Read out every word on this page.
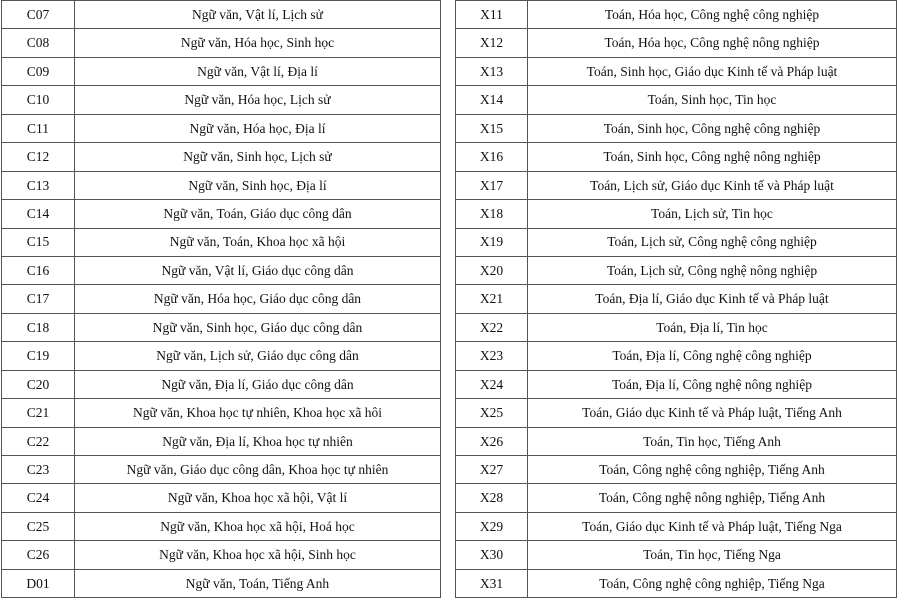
C07	Ngữ văn, Vật lí, Lịch sử
C08	Ngữ văn, Hóa học, Sinh học
C09	Ngữ văn, Vật lí, Địa lí
C10	Ngữ văn, Hóa học, Lịch sử
C11	Ngữ văn, Hóa học, Địa lí
C12	Ngữ văn, Sinh học, Lịch sử
C13	Ngữ văn, Sinh học, Địa lí
C14	Ngữ văn, Toán, Giáo dục công dân
C15	Ngữ văn, Toán, Khoa học xã hội
C16	Ngữ văn, Vật lí, Giáo dục công dân
C17	Ngữ văn, Hóa học, Giáo dục công dân
C18	Ngữ văn, Sinh học, Giáo dục công dân
C19	Ngữ văn, Lịch sử, Giáo dục công dân
C20	Ngữ văn, Địa lí, Giáo dục công dân
C21	Ngữ văn, Khoa học tự nhiên, Khoa học xã hôi
C22	Ngữ văn, Địa lí, Khoa học tự nhiên
C23	Ngữ văn, Giáo dục công dân, Khoa học tự nhiên
C24	Ngữ văn, Khoa học xã hội, Vật lí
C25	Ngữ văn, Khoa học xã hội, Hoá học
C26	Ngữ văn, Khoa học xã hội, Sinh học
D01	Ngữ văn, Toán, Tiếng Anh
X11	Toán, Hóa học, Công nghệ công nghiệp
X12	Toán, Hóa học, Công nghệ nông nghiệp
X13	Toán, Sinh học, Giáo dục Kinh tế và Pháp luật
X14	Toán, Sinh học, Tin học
X15	Toán, Sinh học, Công nghệ công nghiệp
X16	Toán, Sinh học, Công nghệ nông nghiệp
X17	Toán, Lịch sử, Giáo dục Kinh tế và Pháp luật
X18	Toán, Lịch sử, Tin học
X19	Toán, Lịch sử, Công nghệ công nghiệp
X20	Toán, Lịch sử, Công nghệ nông nghiệp
X21	Toán, Địa lí, Giáo dục Kinh tế và Pháp luật
X22	Toán, Địa lí, Tin học
X23	Toán, Địa lí, Công nghệ công nghiệp
X24	Toán, Địa lí, Công nghệ nông nghiệp
X25	Toán, Giáo dục Kinh tế và Pháp luật, Tiếng Anh
X26	Toán, Tin học, Tiếng Anh
X27	Toán, Công nghệ công nghiệp, Tiếng Anh
X28	Toán, Công nghệ nông nghiệp, Tiếng Anh
X29	Toán, Giáo dục Kinh tế và Pháp luật, Tiếng Nga
X30	Toán, Tin học, Tiếng Nga
X31	Toán, Công nghệ công nghiệp, Tiếng Nga
